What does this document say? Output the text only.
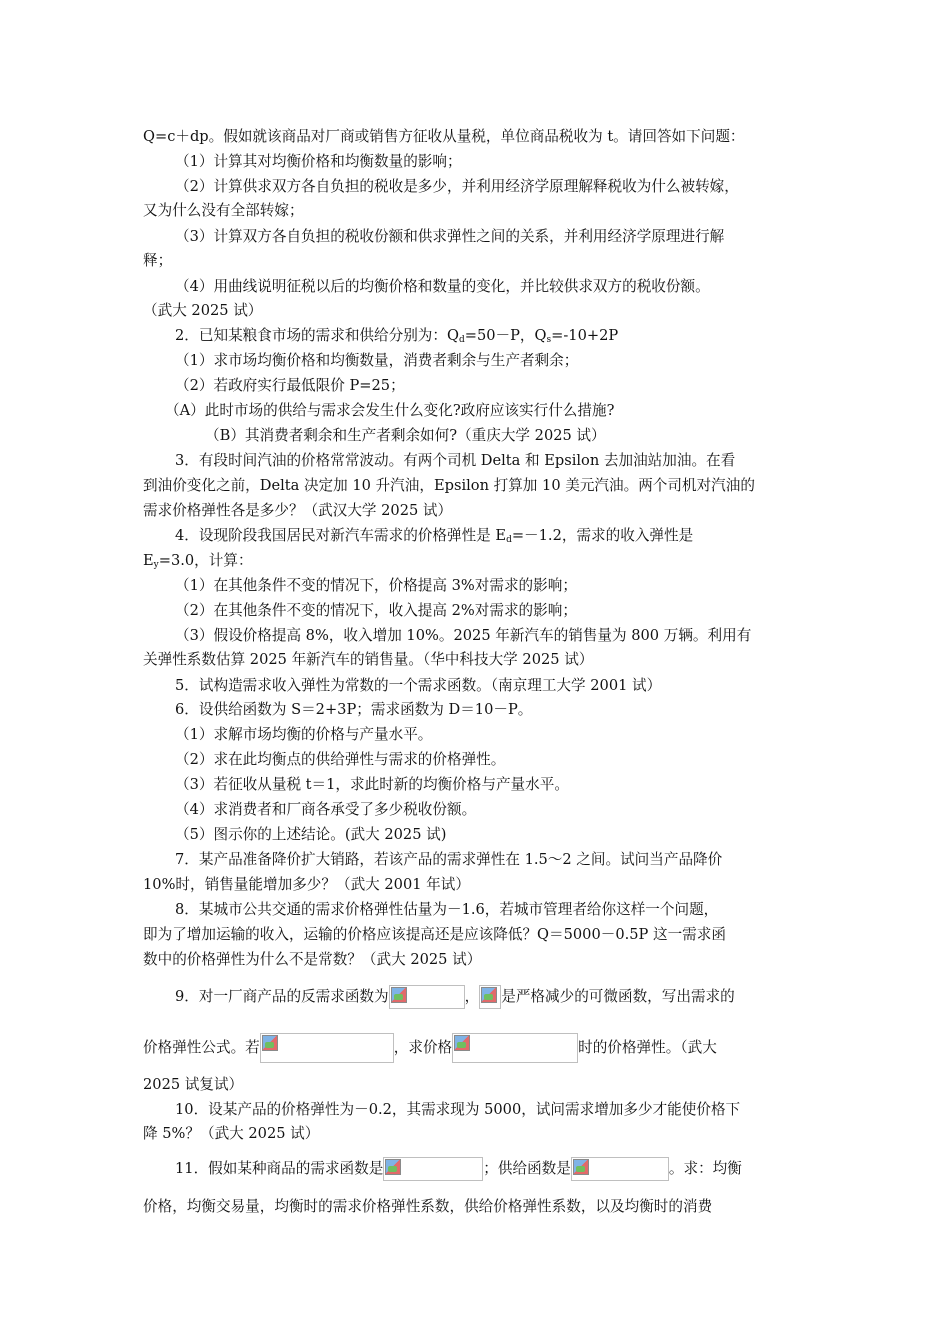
Q=c＋dp。假如就该商品对厂商或销售方征收从量税，单位商品税收为 t。请回答如下问题：
（1）计算其对均衡价格和均衡数量的影响；
（2）计算供求双方各自负担的税收是多少，并利用经济学原理解释税收为什么被转嫁，
又为什么没有全部转嫁；
（3）计算双方各自负担的税收份额和供求弹性之间的关系，并利用经济学原理进行解
释；
（4）用曲线说明征税以后的均衡价格和数量的变化，并比较供求双方的税收份额。
（武大 2025 试）
2．已知某粮食市场的需求和供给分别为：$Q_d=50-P$，$Q_s=-10+2P$
（1）求市场均衡价格和均衡数量，消费者剩余与生产者剩余；
（2）若政府实行最低限价 P=25；
（A）此时市场的供给与需求会发生什么变化?政府应该实行什么措施?
（B）其消费者剩余和生产者剩余如何?（重庆大学 2025 试）
3．有段时间汽油的价格常常波动。有两个司机 Delta 和 Epsilon 去加油站加油。在看
到油价变化之前，Delta 决定加 10 升汽油，Epsilon 打算加 10 美元汽油。两个司机对汽油的
需求价格弹性各是多少？（武汉大学 2025 试）
4．设现阶段我国居民对新汽车需求的价格弹性是 $E_d=-1.2$，需求的收入弹性是
$E_y=3.0$，计算：
（1）在其他条件不变的情况下，价格提高 3%对需求的影响；
（2）在其他条件不变的情况下，收入提高 2%对需求的影响；
（3）假设价格提高 8%，收入增加 10%。2025 年新汽车的销售量为 800 万辆。利用有
关弹性系数估算 2025 年新汽车的销售量。（华中科技大学 2025 试）
5．试构造需求收入弹性为常数的一个需求函数。（南京理工大学 2001 试）
6．设供给函数为 S＝2+3P；需求函数为 D＝10－P。
（1）求解市场均衡的价格与产量水平。
（2）求在此均衡点的供给弹性与需求的价格弹性。
（3）若征收从量税 t＝1，求此时新的均衡价格与产量水平。
（4）求消费者和厂商各承受了多少税收份额。
（5）图示你的上述结论。(武大 2025 试)
7．某产品准备降价扩大销路，若该产品的需求弹性在 1.5～2 之间。试问当产品降价
10%时，销售量能增加多少？（武大 2001 年试）
8．某城市公共交通的需求价格弹性估量为－1.6，若城市管理者给你这样一个问题，
即为了增加运输的收入，运输的价格应该提高还是应该降低？Q＝5000－0.5P 这一需求函
数中的价格弹性为什么不是常数？（武大 2025 试）
9．对一厂商产品的反需求函数为	， 是严格减少的可微函数，写出需求的
价格弹性公式。若	，求价格	时的价格弹性。（武大
2025 试复试）
10．设某产品的价格弹性为－0.2，其需求现为 5000，试问需求增加多少才能使价格下
降 5%？（武大 2025 试）
11．假如某种商品的需求函数是	；供给函数是	。求：均衡
价格，均衡交易量，均衡时的需求价格弹性系数，供给价格弹性系数，以及均衡时的消费
